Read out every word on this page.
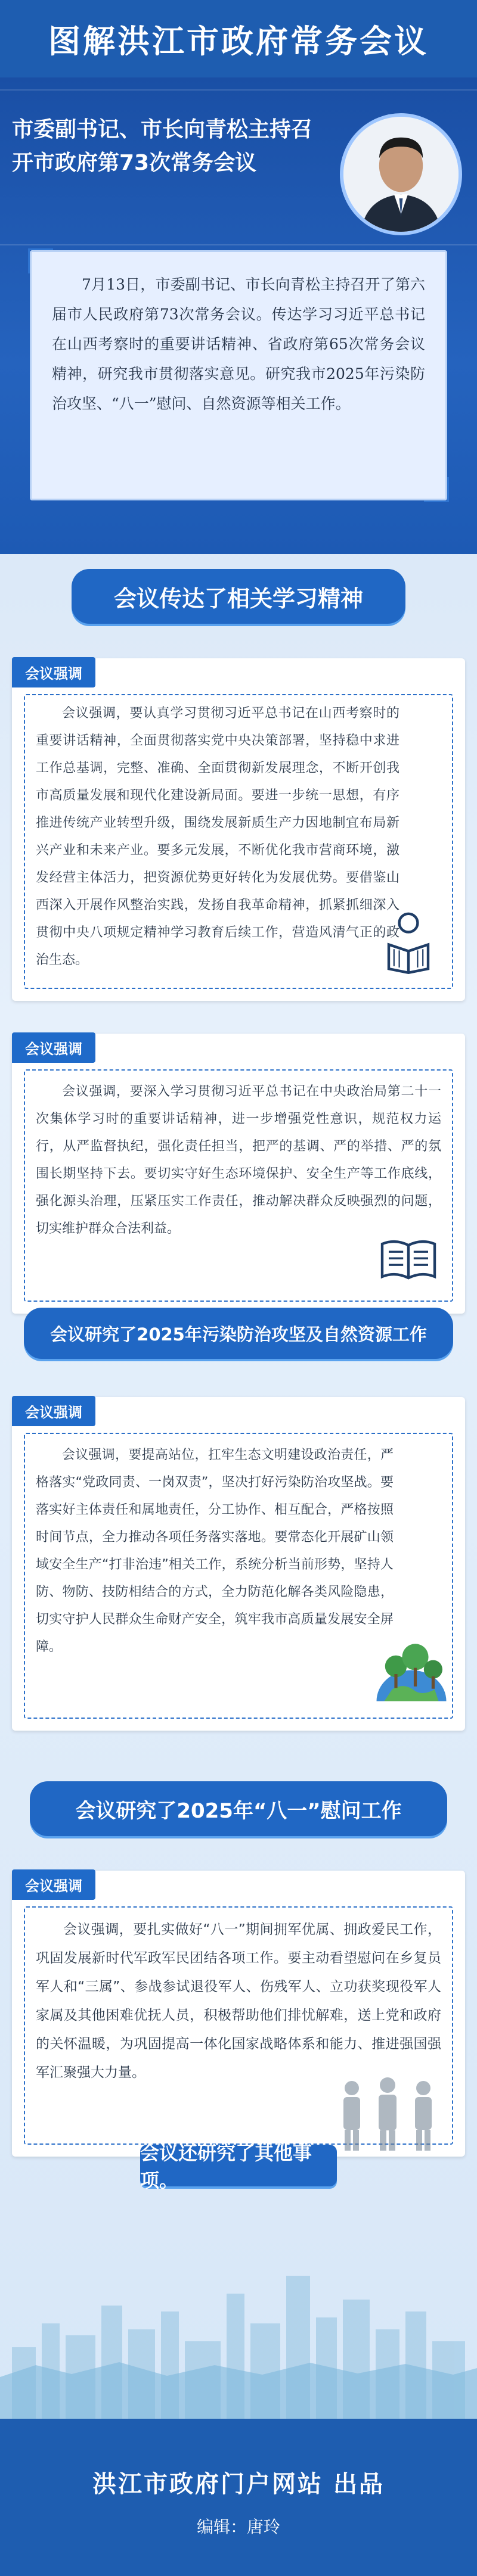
图解洪江市政府常务会议
市委副书记、市长向青松主持召开市政府第73次常务会议
7月13日，市委副书记、市长向青松主持召开了第六届市人民政府第73次常务会议。传达学习习近平总书记在山西考察时的重要讲话精神、省政府第65次常务会议精神，研究我市贯彻落实意见。研究我市2025年污染防治攻坚、“八一”慰问、自然资源等相关工作。
会议传达了相关学习精神
会议强调
会议强调，要认真学习贯彻习近平总书记在山西考察时的重要讲话精神，全面贯彻落实党中央决策部署，坚持稳中求进工作总基调，完整、准确、全面贯彻新发展理念，不断开创我市高质量发展和现代化建设新局面。要进一步统一思想，有序推进传统产业转型升级，围绕发展新质生产力因地制宜布局新兴产业和未来产业。要多元发展，不断优化我市营商环境，激发经营主体活力，把资源优势更好转化为发展优势。要借鉴山西深入开展作风整治实践，发扬自我革命精神，抓紧抓细深入贯彻中央八项规定精神学习教育后续工作，营造风清气正的政治生态。
会议强调
会议强调，要深入学习贯彻习近平总书记在中央政治局第二十一次集体学习时的重要讲话精神，进一步增强党性意识，规范权力运行，从严监督执纪，强化责任担当，把严的基调、严的举措、严的氛围长期坚持下去。要切实守好生态环境保护、安全生产等工作底线，强化源头治理，压紧压实工作责任，推动解决群众反映强烈的问题，切实维护群众合法利益。
会议研究了2025年污染防治攻坚及自然资源工作
会议强调
会议强调，要提高站位，扛牢生态文明建设政治责任，严格落实“党政同责、一岗双责”，坚决打好污染防治攻坚战。要落实好主体责任和属地责任，分工协作、相互配合，严格按照时间节点，全力推动各项任务落实落地。要常态化开展矿山领域安全生产“打非治违”相关工作，系统分析当前形势，坚持人防、物防、技防相结合的方式，全力防范化解各类风险隐患，切实守护人民群众生命财产安全，筑牢我市高质量发展安全屏障。
会议研究了2025年“八一”慰问工作
会议强调
会议强调，要扎实做好“八一”期间拥军优属、拥政爱民工作，巩固发展新时代军政军民团结各项工作。要主动看望慰问在乡复员军人和“三属”、参战参试退役军人、伤残军人、立功获奖现役军人家属及其他困难优抚人员，积极帮助他们排忧解难，送上党和政府的关怀温暖，为巩固提高一体化国家战略体系和能力、推进强国强军汇聚强大力量。
会议还研究了其他事项。
洪江市政府门户网站 出品
编辑：唐玲
